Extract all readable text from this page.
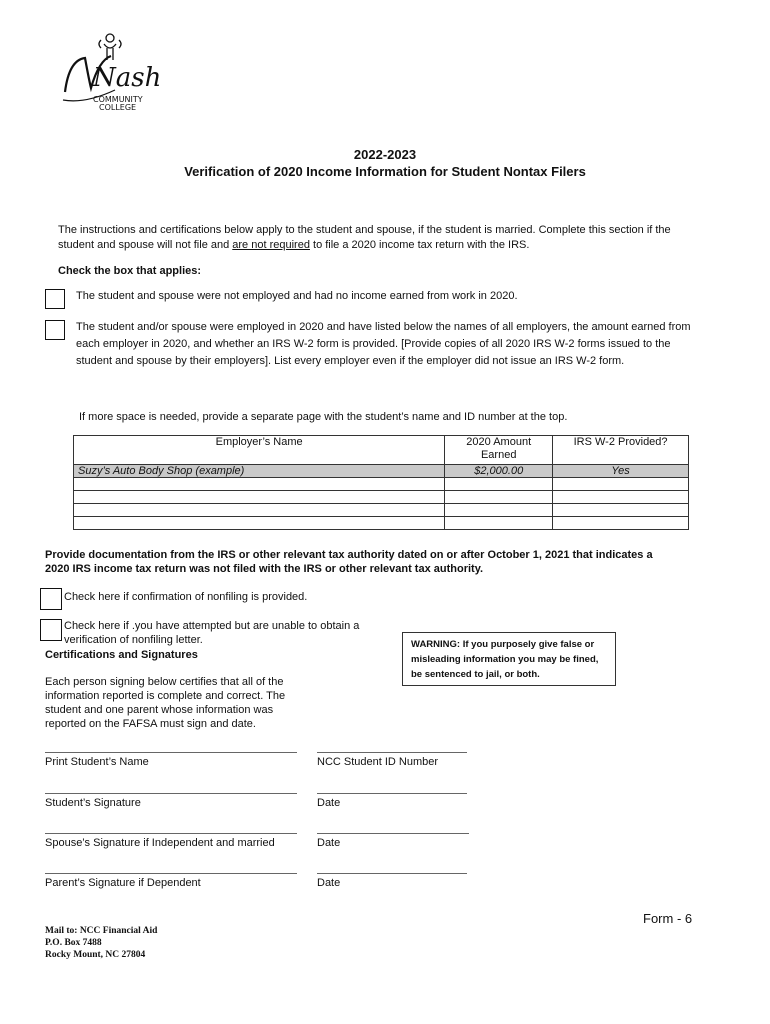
Nash
COMMUNITY
COLLEGE
2022-2023
Verification of 2020 Income Information for Student Nontax Filers
The instructions and certifications below apply to the student and spouse, if the student is married. Complete this section if the student and spouse will not file and are not required to file a 2020 income tax return with the IRS.
Check the box that applies:
The student and spouse were not employed and had no income earned from work in 2020.
The student and/or spouse were employed in 2020 and have listed below the names of all employers, the amount earned from each employer in 2020, and whether an IRS W-2 form is provided. [Provide copies of all 2020 IRS W-2 forms issued to the student and spouse by their employers]. List every employer even if the employer did not issue an IRS W-2 form.
If more space is needed, provide a separate page with the student’s name and ID number at the top.
Employer’s Name	2020 Amount Earned	IRS W-2 Provided?
Suzy’s Auto Body Shop (example)	$2,000.00	Yes

Provide documentation from the IRS or other relevant tax authority dated on or after October 1, 2021 that indicates a 2020 IRS income tax return was not filed with the IRS or other relevant tax authority.
Check here if confirmation of nonfiling is provided.
Check here if .you have attempted but are unable to obtain a verification of nonfiling letter.
Certifications and Signatures
Each person signing below certifies that all of the information reported is complete and correct. The student and one parent whose information was reported on the FAFSA must sign and date.
WARNING: If you purposely give false or misleading information you may be fined, be sentenced to jail, or both.
Print Student’s Name	NCC Student ID Number
Student’s Signature	Date
Spouse’s Signature if Independent and married	Date
Parent’s Signature if Dependent	Date
Form - 6
Mail to: NCC Financial Aid
P.O. Box 7488
Rocky Mount, NC 27804
